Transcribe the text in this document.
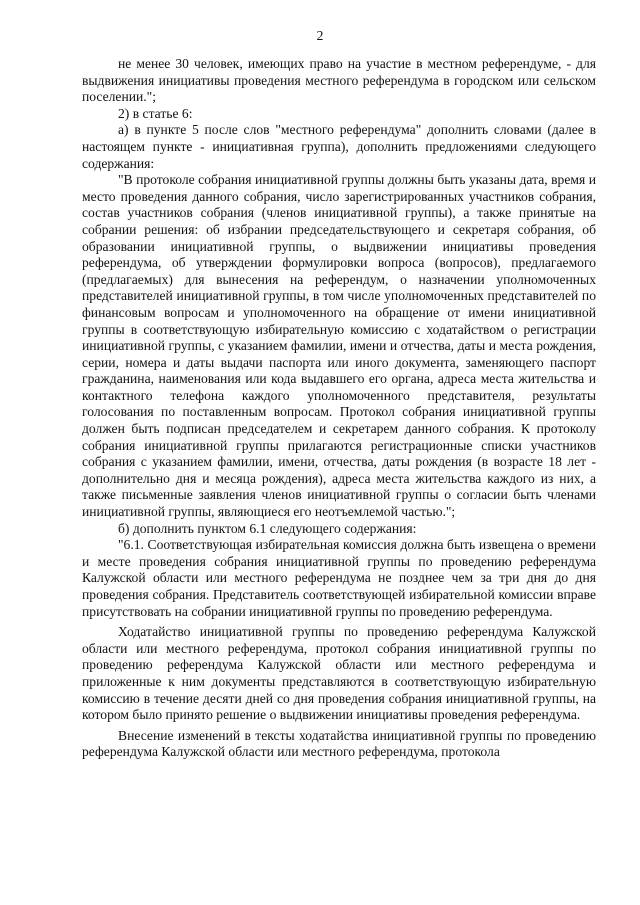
2

не менее 30 человек, имеющих право на участие в местном референдуме, - для выдвижения инициативы проведения местного референдума в городском или сельском поселении.";

2) в статье 6:

а) в пункте 5 после слов "местного референдума" дополнить словами (далее в настоящем пункте - инициативная группа), дополнить предложениями следующего содержания:

"В протоколе собрания инициативной группы должны быть указаны дата, время и место проведения данного собрания, число зарегистрированных участников собрания, состав участников собрания (членов инициативной группы), а также принятые на собрании решения: об избрании председательствующего и секретаря собрания, об образовании инициативной группы, о выдвижении инициативы проведения референдума, об утверждении формулировки вопроса (вопросов), предлагаемого (предлагаемых) для вынесения на референдум, о назначении уполномоченных представителей инициативной группы, в том числе уполномоченных представителей по финансовым вопросам и уполномоченного на обращение от имени инициативной группы в соответствующую избирательную комиссию с ходатайством о регистрации инициативной группы, с указанием фамилии, имени и отчества, даты и места рождения, серии, номера и даты выдачи паспорта или иного документа, заменяющего паспорт гражданина, наименования или кода выдавшего его органа, адреса места жительства и контактного телефона каждого уполномоченного представителя, результаты голосования по поставленным вопросам. Протокол собрания инициативной группы должен быть подписан председателем и секретарем данного собрания. К протоколу собрания инициативной группы прилагаются регистрационные списки участников собрания с указанием фамилии, имени, отчества, даты рождения (в возрасте 18 лет - дополнительно дня и месяца рождения), адреса места жительства каждого из них, а также письменные заявления членов инициативной группы о согласии быть членами инициативной группы, являющиеся его неотъемлемой частью.";

б) дополнить пунктом 6.1 следующего содержания:

"6.1. Соответствующая избирательная комиссия должна быть извещена о времени и месте проведения собрания инициативной группы по проведению референдума Калужской области или местного референдума не позднее чем за три дня до дня проведения собрания. Представитель соответствующей избирательной комиссии вправе присутствовать на собрании инициативной группы по проведению референдума.

Ходатайство инициативной группы по проведению референдума Калужской области или местного референдума, протокол собрания инициативной группы по проведению референдума Калужской области или местного референдума и приложенные к ним документы представляются в соответствующую избирательную комиссию в течение десяти дней со дня проведения собрания инициативной группы, на котором было принято решение о выдвижении инициативы проведения референдума.

Внесение изменений в тексты ходатайства инициативной группы по проведению референдума Калужской области или местного референдума, протокола
